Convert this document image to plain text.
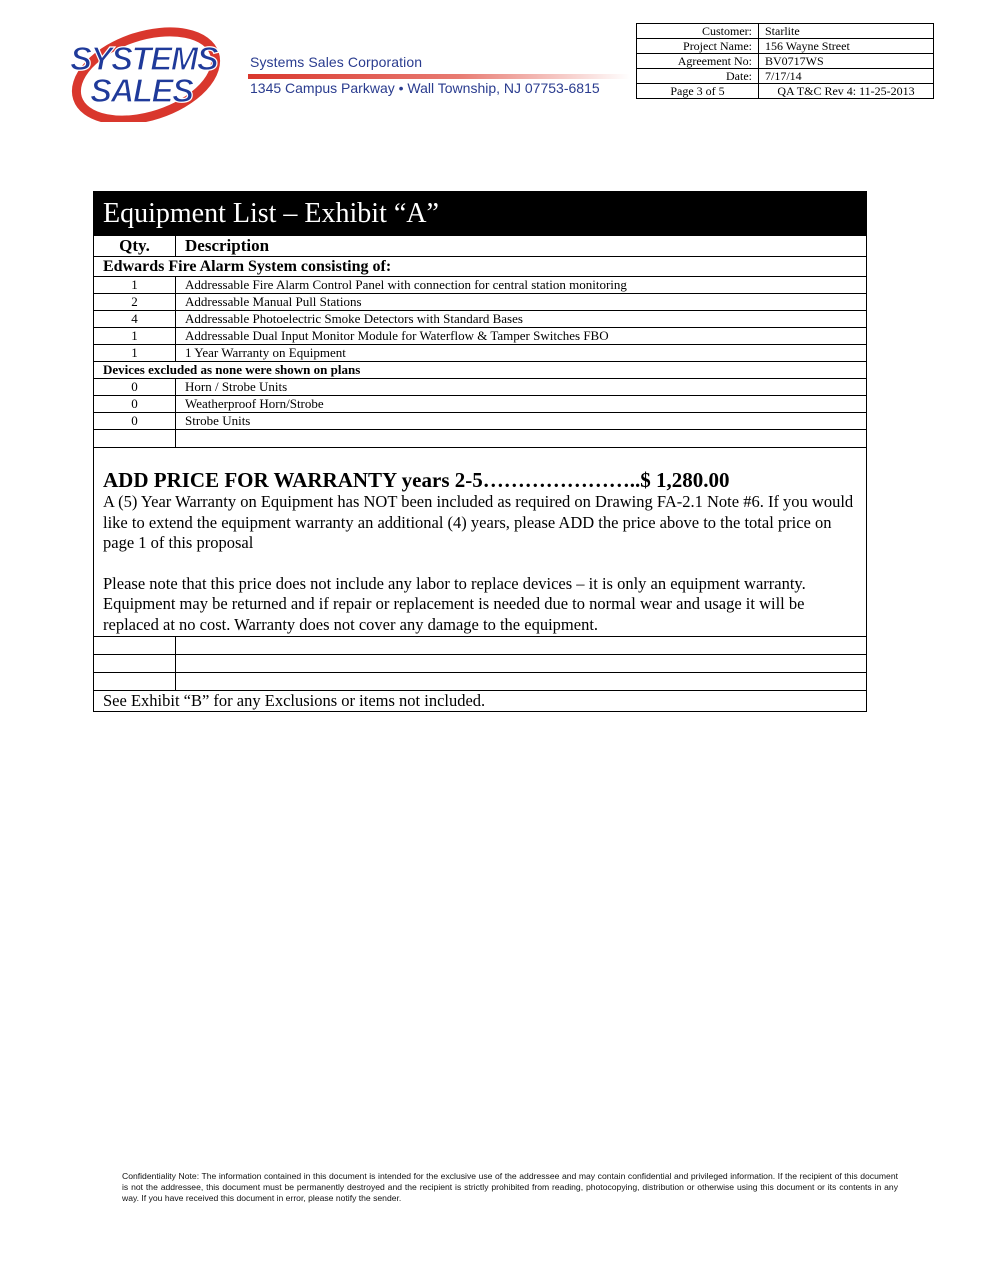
SYSTEMS
SALES
Systems Sales Corporation
1345 Campus Parkway • Wall Township, NJ 07753-6815
Customer:	Starlite
Project Name:	156 Wayne Street
Agreement No:	BV0717WS
Date:	7/17/14
Page 3 of 5	QA T&C Rev 4: 11-25-2013
Equipment List – Exhibit “A”	
Qty.	Description
Edwards Fire Alarm System consisting of:	
1	Addressable Fire Alarm Control Panel with connection for central station monitoring
2	Addressable Manual Pull Stations
4	Addressable Photoelectric Smoke Detectors with Standard Bases
1	Addressable Dual Input Monitor Module for Waterflow & Tamper Switches FBO
1	1 Year Warranty on Equipment
Devices excluded as none were shown on plans	
0	Horn / Strobe Units
0	Weatherproof Horn/Strobe
0	Strobe Units

ADD PRICE FOR WARRANTY years 2-5…………………..$ 1,280.00

A (5) Year Warranty on Equipment has NOT been included as required on Drawing FA-2.1 Note #6. If you would like to extend the equipment warranty an additional (4) years, please ADD the price above to the total price on page 1 of this proposal

Please note that this price does not include any labor to replace devices – it is only an equipment warranty. Equipment may be returned and if repair or replacement is needed due to normal wear and usage it will be replaced at no cost. Warranty does not cover any damage to the equipment.	

See Exhibit “B” for any Exclusions or items not included.	
Confidentiality Note: The information contained in this document is intended for the exclusive use of the addressee and may contain confidential and privileged information. If the recipient of this document is not the addressee, this document must be permanently destroyed and the recipient is strictly prohibited from reading, photocopying, distribution or otherwise using this document or its contents in any way. If you have received this document in error, please notify the sender.
